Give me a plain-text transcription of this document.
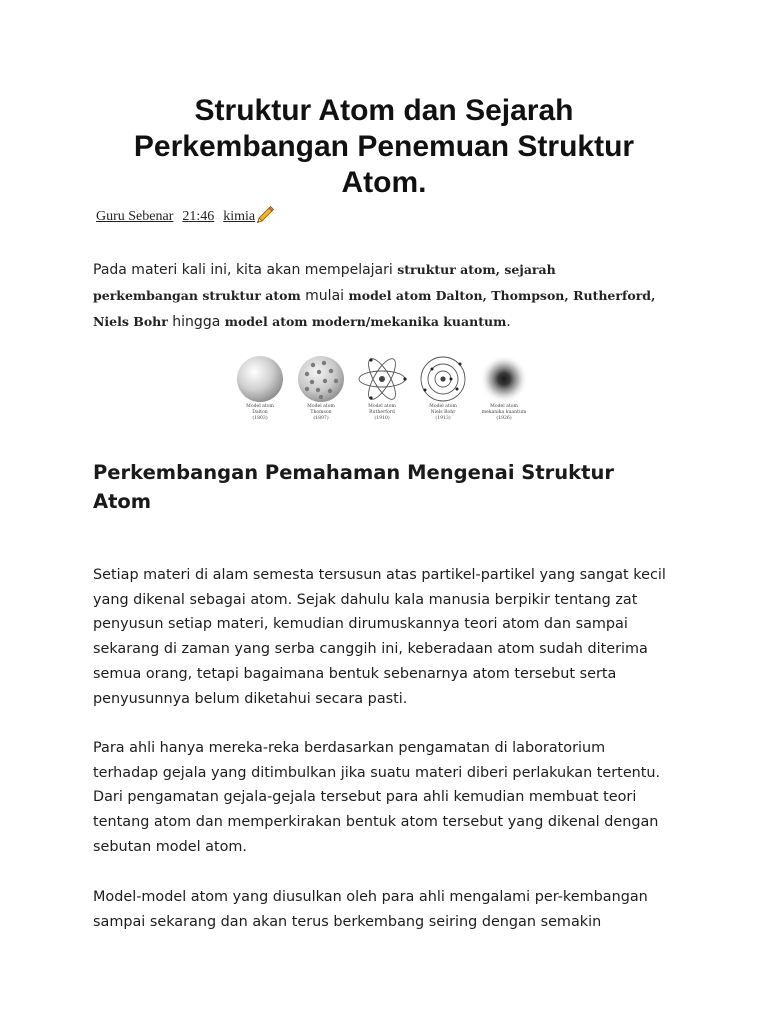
Struktur Atom dan Sejarah Perkembangan Penemuan Struktur Atom.
Guru Sebenar 21:46 kimia

Pada materi kali ini, kita akan mempelajari struktur atom, sejarah perkembangan struktur atom mulai model atom Dalton, Thompson, Rutherford, Niels Bohr hingga model atom modern/mekanika kuantum.

Model atom
Dalton
(1803)
Model atom
Thomson
(1897)
Model atom
Rutherford
(1910)
Model atom
Niels Bohr
(1913)
Model atom
mekanika kuantum
(1926)
Perkembangan Pemahaman Mengenai Struktur Atom

Setiap materi di alam semesta tersusun atas partikel-partikel yang sangat kecil yang dikenal sebagai atom. Sejak dahulu kala manusia berpikir tentang zat penyusun setiap materi, kemudian dirumuskannya teori atom dan sampai sekarang di zaman yang serba canggih ini, keberadaan atom sudah diterima semua orang, tetapi bagaimana bentuk sebenarnya atom tersebut serta penyusunnya belum diketahui secara pasti.

Para ahli hanya mereka-reka berdasarkan pengamatan di laboratorium terhadap gejala yang ditimbulkan jika suatu materi diberi perlakukan tertentu. Dari pengamatan gejala-gejala tersebut para ahli kemudian membuat teori tentang atom dan memperkirakan bentuk atom tersebut yang dikenal dengan sebutan model atom.

Model-model atom yang diusulkan oleh para ahli mengalami per-kembangan sampai sekarang dan akan terus berkembang seiring dengan semakin
